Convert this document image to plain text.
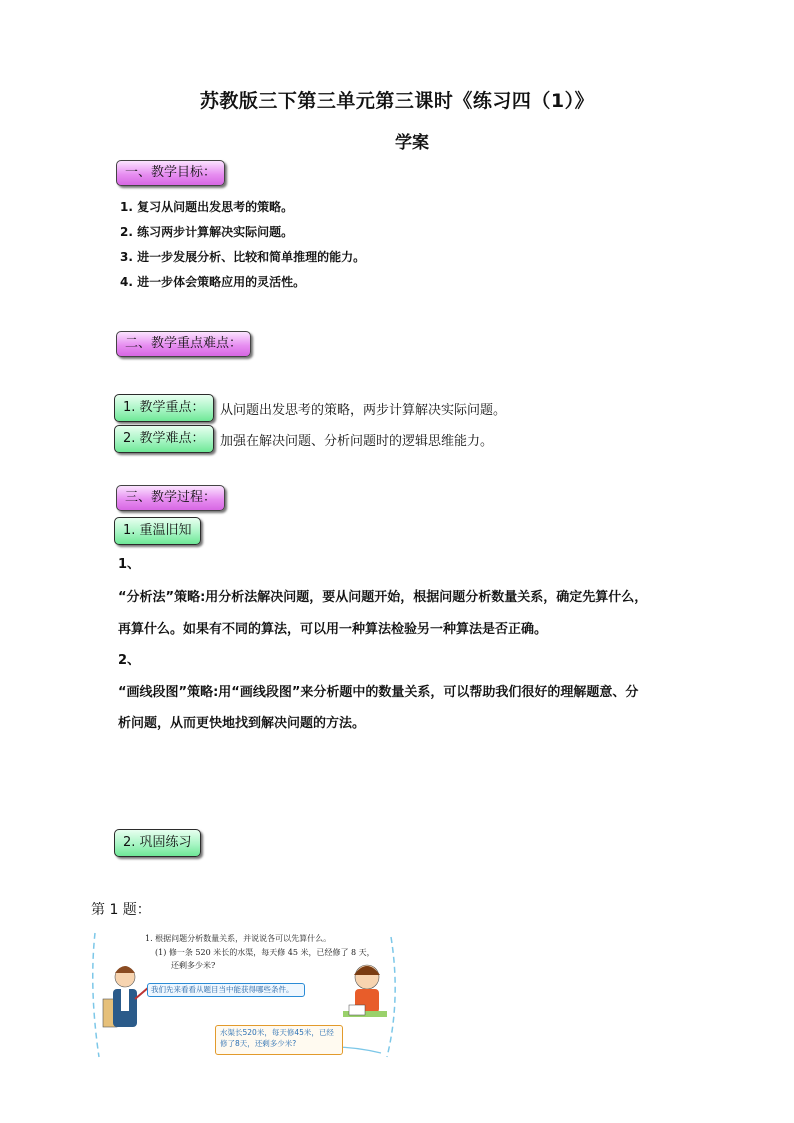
苏教版三下第三单元第三课时《练习四（1）》
学案
一、教学目标：
1. 复习从问题出发思考的策略。
2. 练习两步计算解决实际问题。
3. 进一步发展分析、比较和简单推理的能力。
4. 进一步体会策略应用的灵活性。
二、教学重点难点：
1. 教学重点：	从问题出发思考的策略，两步计算解决实际问题。
2. 教学难点：	加强在解决问题、分析问题时的逻辑思维能力。
三、教学过程：
1. 重温旧知
1、
“分析法”策略:用分析法解决问题，要从问题开始，根据问题分析数量关系，确定先算什么，
再算什么。如果有不同的算法，可以用一种算法检验另一种算法是否正确。
2、
“画线段图”策略:用“画线段图”来分析题中的数量关系，可以帮助我们很好的理解题意、分
析问题，从而更快地找到解决问题的方法。
2. 巩固练习
第 1 题：
1. 根据问题分析数量关系，并说说各可以先算什么。
(1) 修一条 520 米长的水渠，每天修 45 米，已经修了 8 天，
还剩多少米?
我们先来看看从题目当中能获得哪些条件。
水渠长520米，每天修45米，已经
修了8天，还剩多少米?
